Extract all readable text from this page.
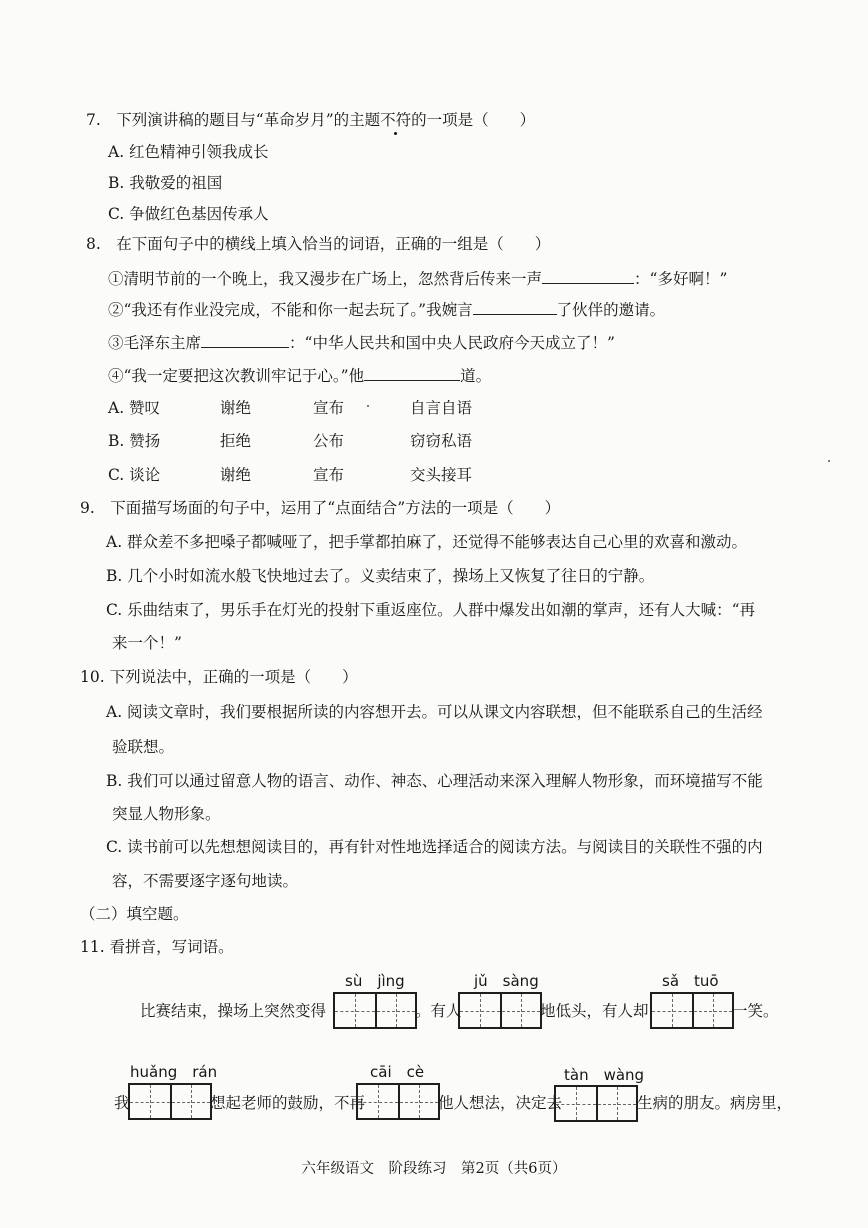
7.　下列演讲稿的题目与“革命岁月”的主题不符的一项是（　　）
A. 红色精神引领我成长
B. 我敬爱的祖国
C. 争做红色基因传承人
8.　在下面句子中的横线上填入恰当的词语，正确的一组是（　　）
①清明节前的一个晚上，我又漫步在广场上，忽然背后传来一声	：“多好啊！”
②“我还有作业没完成，不能和你一起去玩了。”我婉言	了伙伴的邀请。
③毛泽东主席	：“中华人民共和国中央人民政府今天成立了！”
④“我一定要把这次教训牢记于心。”他	道。
A. 赞叹	谢绝	宣布	自言自语
B. 赞扬	拒绝	公布	窃窃私语
C. 谈论	谢绝	宣布	交头接耳
9.　下面描写场面的句子中，运用了“点面结合”方法的一项是（　　）
A. 群众差不多把嗓子都喊哑了，把手掌都拍麻了，还觉得不能够表达自己心里的欢喜和激动。
B. 几个小时如流水般飞快地过去了。义卖结束了，操场上又恢复了往日的宁静。
C. 乐曲结束了，男乐手在灯光的投射下重返座位。人群中爆发出如潮的掌声，还有人大喊：“再
来一个！”
10. 下列说法中，正确的一项是（　　）
A. 阅读文章时，我们要根据所读的内容想开去。可以从课文内容联想，但不能联系自己的生活经
验联想。
B. 我们可以通过留意人物的语言、动作、神态、心理活动来深入理解人物形象，而环境描写不能
突显人物形象。
C. 读书前可以先想想阅读目的，再有针对性地选择适合的阅读方法。与阅读目的关联性不强的内
容，不需要逐字逐句地读。
（二）填空题。
11. 看拼音，写词语。
sù jìng	jǔ sàng	sǎ tuō
比赛结束，操场上突然变得	。有人	地低头，有人却	一笑。
huǎng rán	cāi cè	tàn wàng
我	想起老师的鼓励，不再	他人想法，决定去	生病的朋友。病房里，
六年级语文　阶段练习　第2页（共6页）
